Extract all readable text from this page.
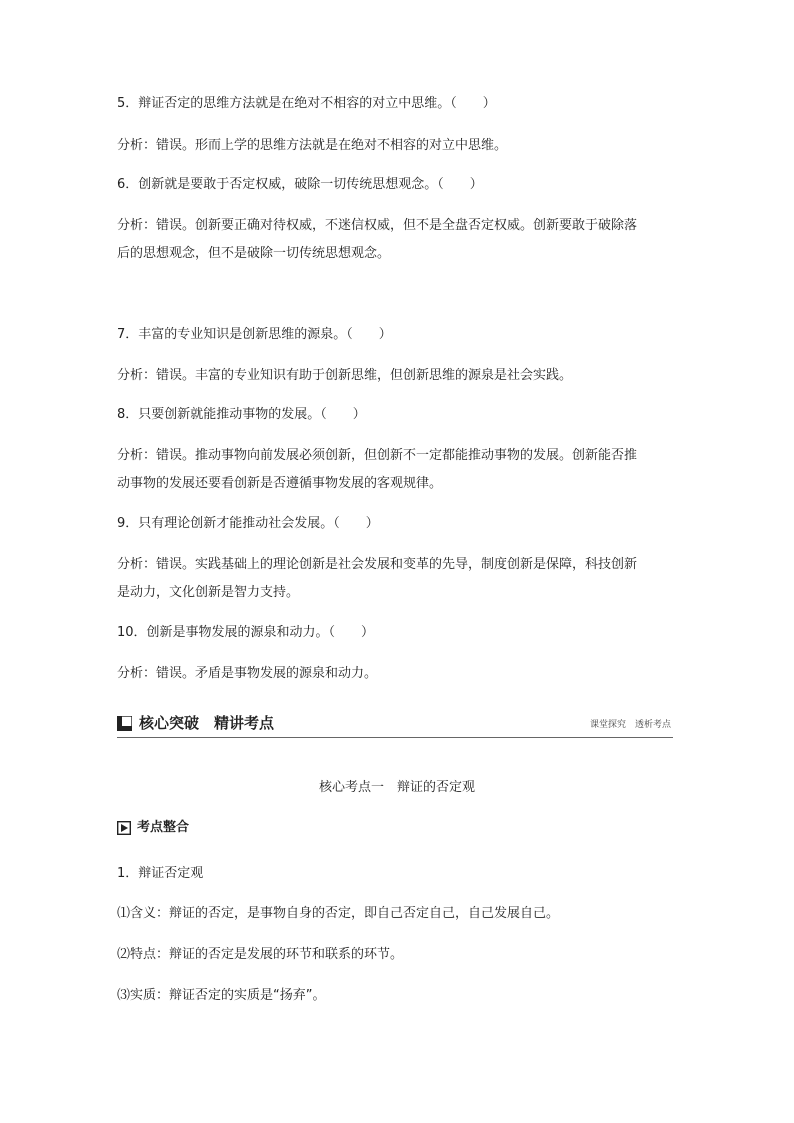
5．辩证否定的思维方法就是在绝对不相容的对立中思维。（　　）
分析：错误。形而上学的思维方法就是在绝对不相容的对立中思维。
6．创新就是要敢于否定权威，破除一切传统思想观念。（　　）
分析：错误。创新要正确对待权威，不迷信权威，但不是全盘否定权威。创新要敢于破除落
后的思想观念，但不是破除一切传统思想观念。
7．丰富的专业知识是创新思维的源泉。（　　）
分析：错误。丰富的专业知识有助于创新思维，但创新思维的源泉是社会实践。
8．只要创新就能推动事物的发展。（　　）
分析：错误。推动事物向前发展必须创新，但创新不一定都能推动事物的发展。创新能否推
动事物的发展还要看创新是否遵循事物发展的客观规律。
9．只有理论创新才能推动社会发展。（　　）
分析：错误。实践基础上的理论创新是社会发展和变革的先导，制度创新是保障，科技创新
是动力，文化创新是智力支持。
10．创新是事物发展的源泉和动力。（　　）
分析：错误。矛盾是事物发展的源泉和动力。
核心突破　精讲考点	课堂探究　透析考点
核心考点一　辩证的否定观
考点整合
1．辩证否定观
⑴含义：辩证的否定，是事物自身的否定，即自己否定自己，自己发展自己。
⑵特点：辩证的否定是发展的环节和联系的环节。
⑶实质：辩证否定的实质是“扬弃”。
